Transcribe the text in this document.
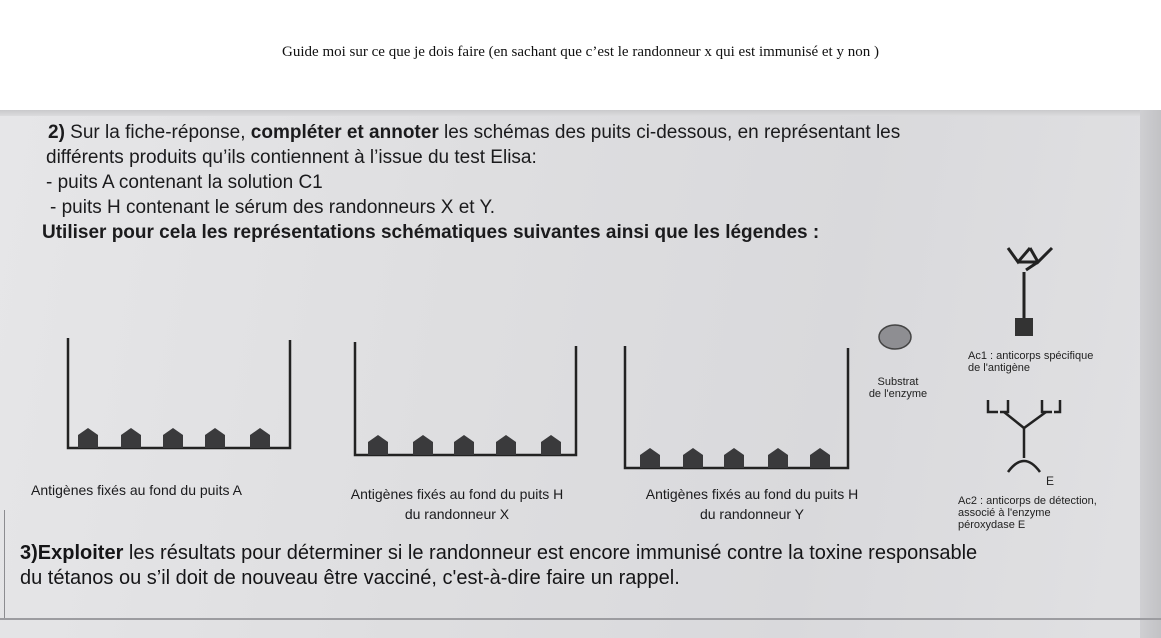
Guide moi sur ce que je dois faire (en sachant que c’est le randonneur x qui est immunisé et y non )
2) Sur la fiche-réponse, compléter et annoter les schémas des puits ci-dessous, en représentant les
différents produits qu’ils contiennent à l’issue du test Elisa:
- puits A contenant la solution C1
- puits H contenant le sérum des randonneurs X et Y.
Utiliser pour cela les représentations schématiques suivantes ainsi que les légendes :
Antigènes fixés au fond du puits A	Antigènes fixés au fond du puits H
du randonneur X
Antigènes fixés au fond du puits H
du randonneur Y
Substrat
de l'enzyme
Ac1 : anticorps spécifique
de l'antigène
E
Ac2 : anticorps de détection,
associé à l'enzyme
péroxydase E
3)Exploiter les résultats pour déterminer si le randonneur est encore immunisé contre la toxine responsable
du tétanos ou s’il doit de nouveau être vacciné, c'est-à-dire faire un rappel.
